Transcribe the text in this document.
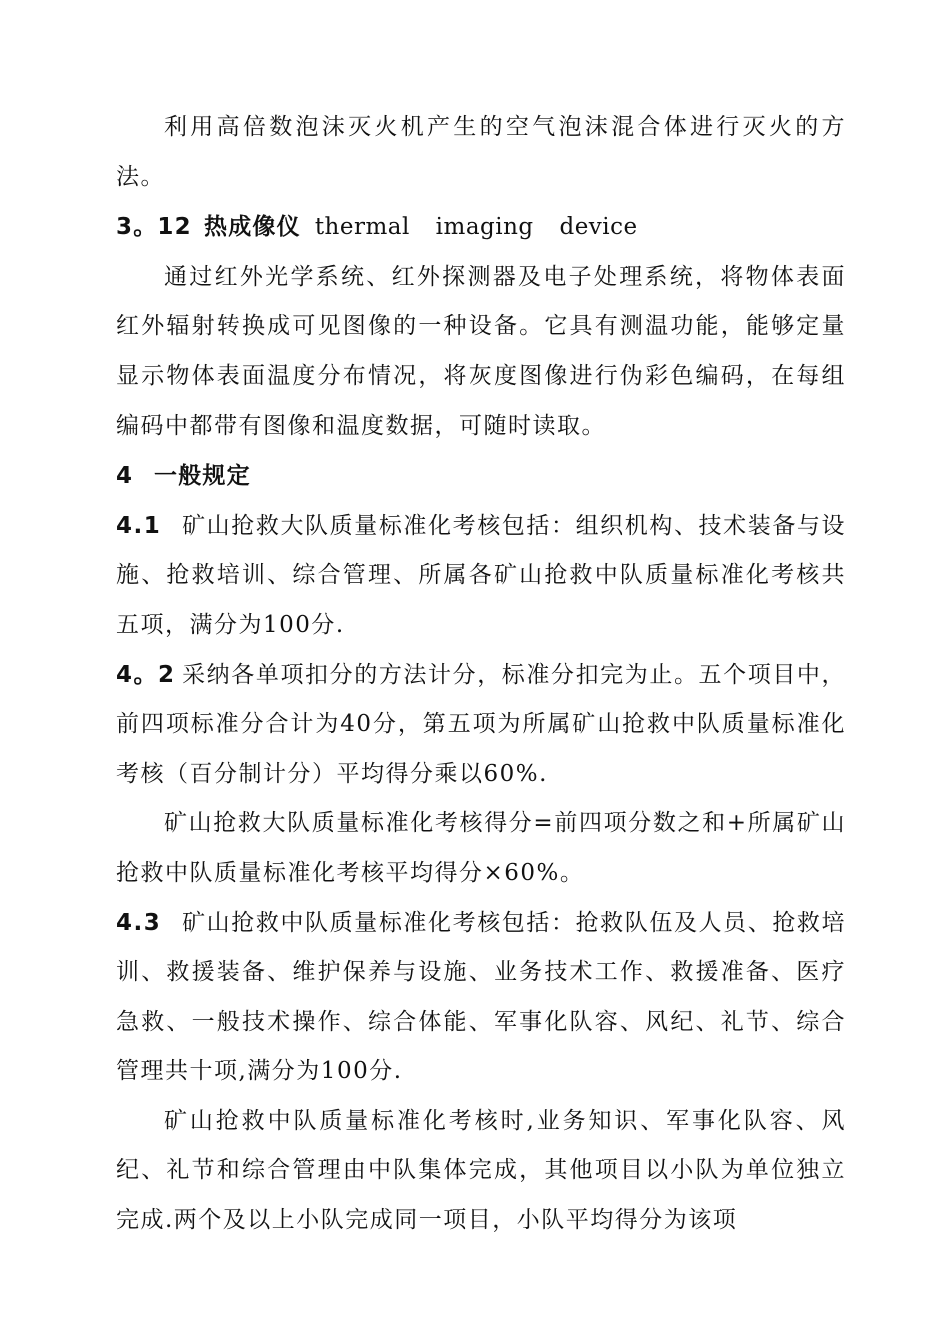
利用高倍数泡沫灭火机产生的空气泡沫混合体进行灭火的方法。

3。12 热成像仪 thermal imaging device

通过红外光学系统、红外探测器及电子处理系统，将物体表面红外辐射转换成可见图像的一种设备。它具有测温功能，能够定量显示物体表面温度分布情况，将灰度图像进行伪彩色编码，在每组编码中都带有图像和温度数据，可随时读取。

4 一般规定

4.1 矿山抢救大队质量标准化考核包括：组织机构、技术装备与设施、抢救培训、综合管理、所属各矿山抢救中队质量标准化考核共五项，满分为100分.

4。2 采纳各单项扣分的方法计分，标准分扣完为止。五个项目中，前四项标准分合计为40分，第五项为所属矿山抢救中队质量标准化考核（百分制计分）平均得分乘以60%.

矿山抢救大队质量标准化考核得分=前四项分数之和+所属矿山抢救中队质量标准化考核平均得分×60%。

4.3 矿山抢救中队质量标准化考核包括：抢救队伍及人员、抢救培训、救援装备、维护保养与设施、业务技术工作、救援准备、医疗急救、一般技术操作、综合体能、军事化队容、风纪、礼节、综合管理共十项,满分为100分.

矿山抢救中队质量标准化考核时,业务知识、军事化队容、风纪、礼节和综合管理由中队集体完成，其他项目以小队为单位独立完成.两个及以上小队完成同一项目，小队平均得分为该项
